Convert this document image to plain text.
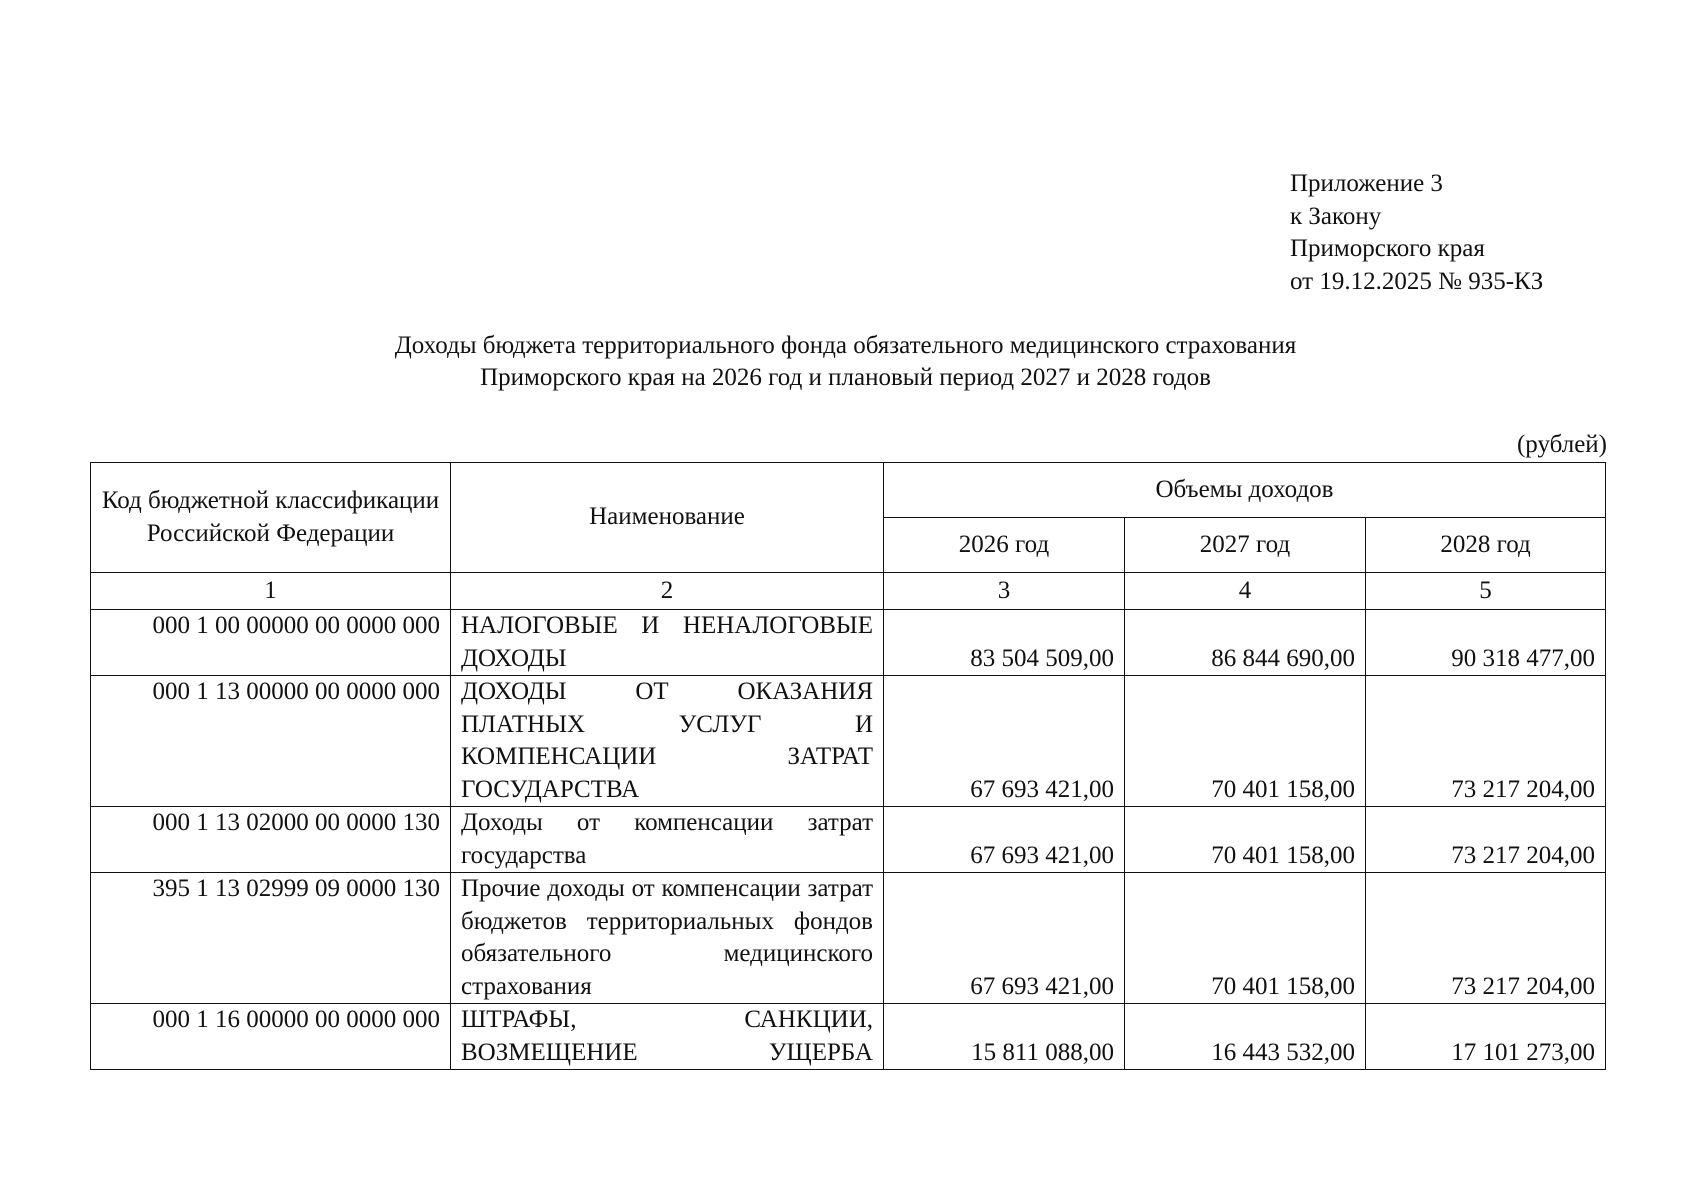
Приложение 3
к Закону
Приморского края
от 19.12.2025 № 935-КЗ
Доходы бюджета территориального фонда обязательного медицинского страхования
Приморского края на 2026 год и плановый период 2027 и 2028 годов
(рублей)
Код бюджетной классификации Российской Федерации	Наименование	Объемы доходов		
		2026 год	2027 год	2028 год
1	2	3	4	5
000 1 00 00000 00 0000 000	НАЛОГОВЫЕ И НЕНАЛОГОВЫЕ ДОХОДЫ	83 504 509,00	86 844 690,00	90 318 477,00
000 1 13 00000 00 0000 000	ДОХОДЫ ОТ ОКАЗАНИЯ ПЛАТНЫХ УСЛУГ И КОМПЕНСАЦИИ ЗАТРАТ ГОСУДАРСТВА	67 693 421,00	70 401 158,00	73 217 204,00
000 1 13 02000 00 0000 130	Доходы от компенсации затрат государства	67 693 421,00	70 401 158,00	73 217 204,00
395 1 13 02999 09 0000 130	Прочие доходы от компенсации затрат бюджетов территориальных фондов обязательного медицинского страхования	67 693 421,00	70 401 158,00	73 217 204,00
000 1 16 00000 00 0000 000	ШТРАФЫ, САНКЦИИ, ВОЗМЕЩЕНИЕ УЩЕРБА	15 811 088,00	16 443 532,00	17 101 273,00
